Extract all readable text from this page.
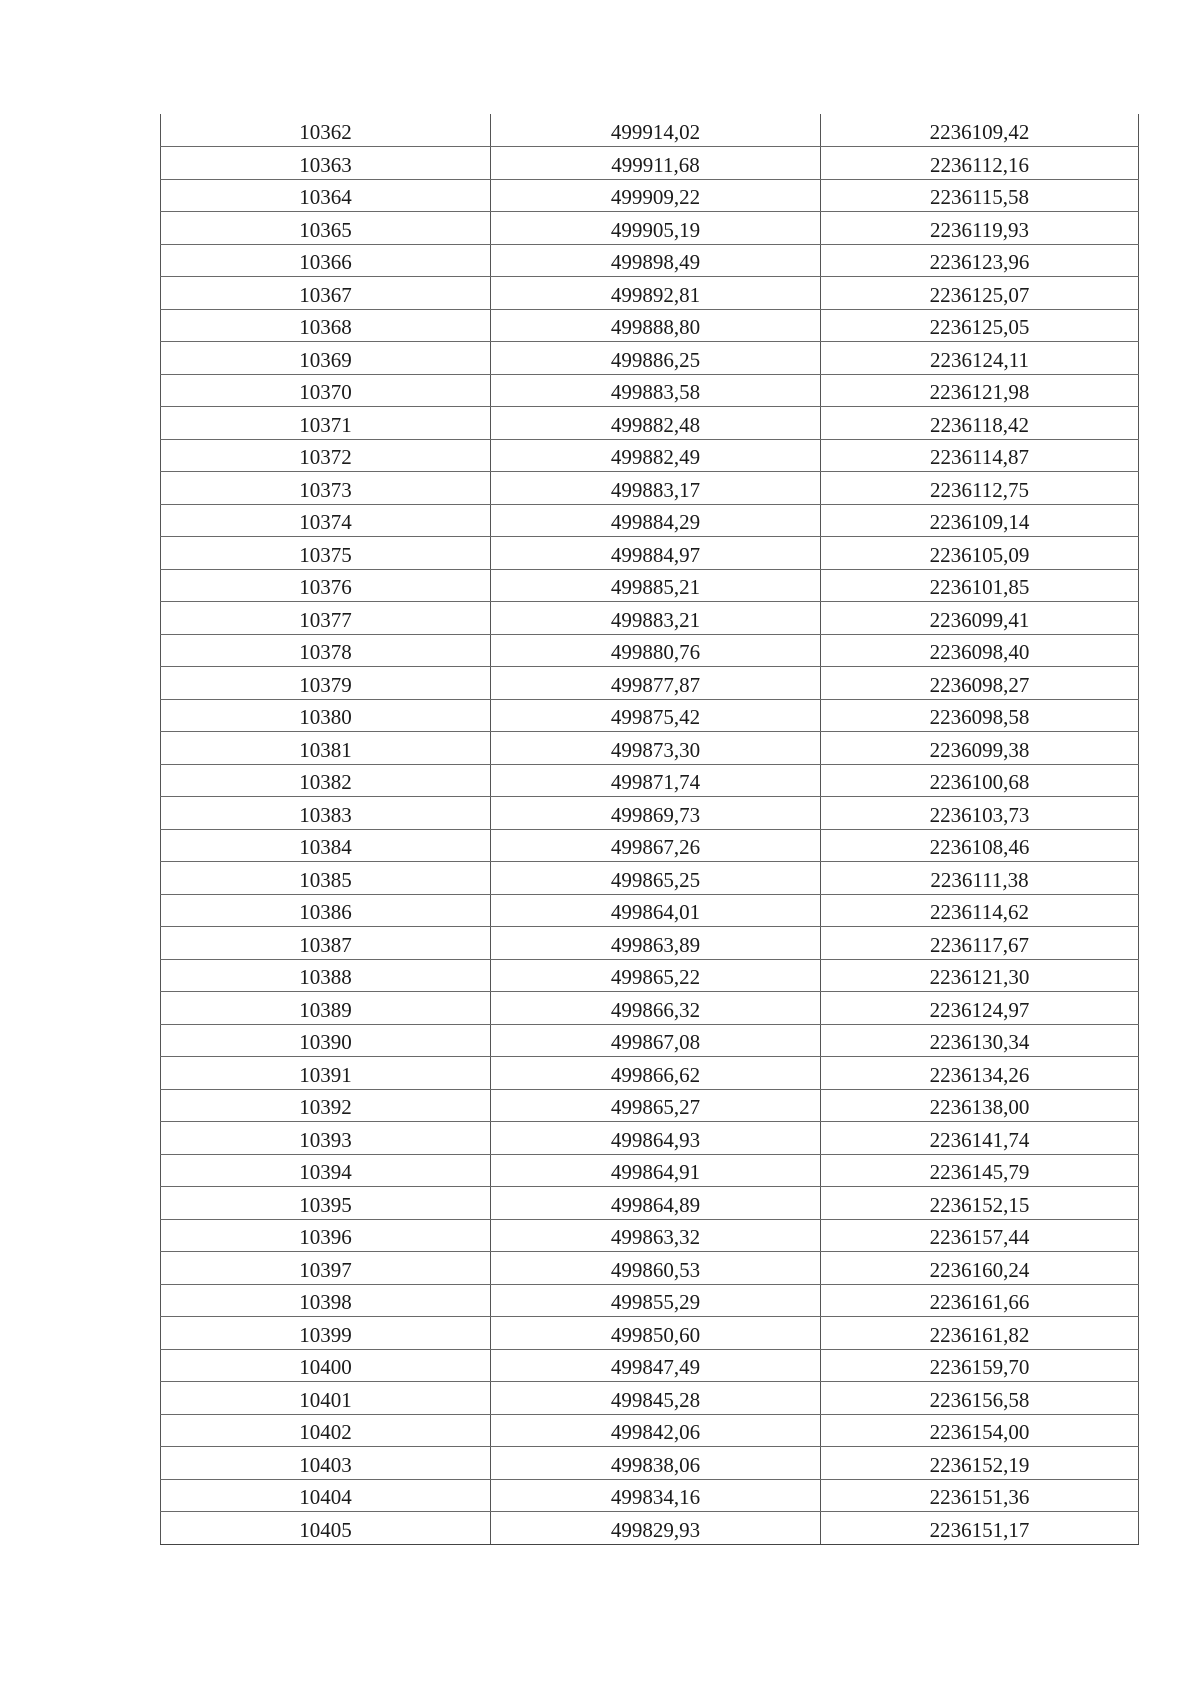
10362	499914,02	2236109,42
10363	499911,68	2236112,16
10364	499909,22	2236115,58
10365	499905,19	2236119,93
10366	499898,49	2236123,96
10367	499892,81	2236125,07
10368	499888,80	2236125,05
10369	499886,25	2236124,11
10370	499883,58	2236121,98
10371	499882,48	2236118,42
10372	499882,49	2236114,87
10373	499883,17	2236112,75
10374	499884,29	2236109,14
10375	499884,97	2236105,09
10376	499885,21	2236101,85
10377	499883,21	2236099,41
10378	499880,76	2236098,40
10379	499877,87	2236098,27
10380	499875,42	2236098,58
10381	499873,30	2236099,38
10382	499871,74	2236100,68
10383	499869,73	2236103,73
10384	499867,26	2236108,46
10385	499865,25	2236111,38
10386	499864,01	2236114,62
10387	499863,89	2236117,67
10388	499865,22	2236121,30
10389	499866,32	2236124,97
10390	499867,08	2236130,34
10391	499866,62	2236134,26
10392	499865,27	2236138,00
10393	499864,93	2236141,74
10394	499864,91	2236145,79
10395	499864,89	2236152,15
10396	499863,32	2236157,44
10397	499860,53	2236160,24
10398	499855,29	2236161,66
10399	499850,60	2236161,82
10400	499847,49	2236159,70
10401	499845,28	2236156,58
10402	499842,06	2236154,00
10403	499838,06	2236152,19
10404	499834,16	2236151,36
10405	499829,93	2236151,17
